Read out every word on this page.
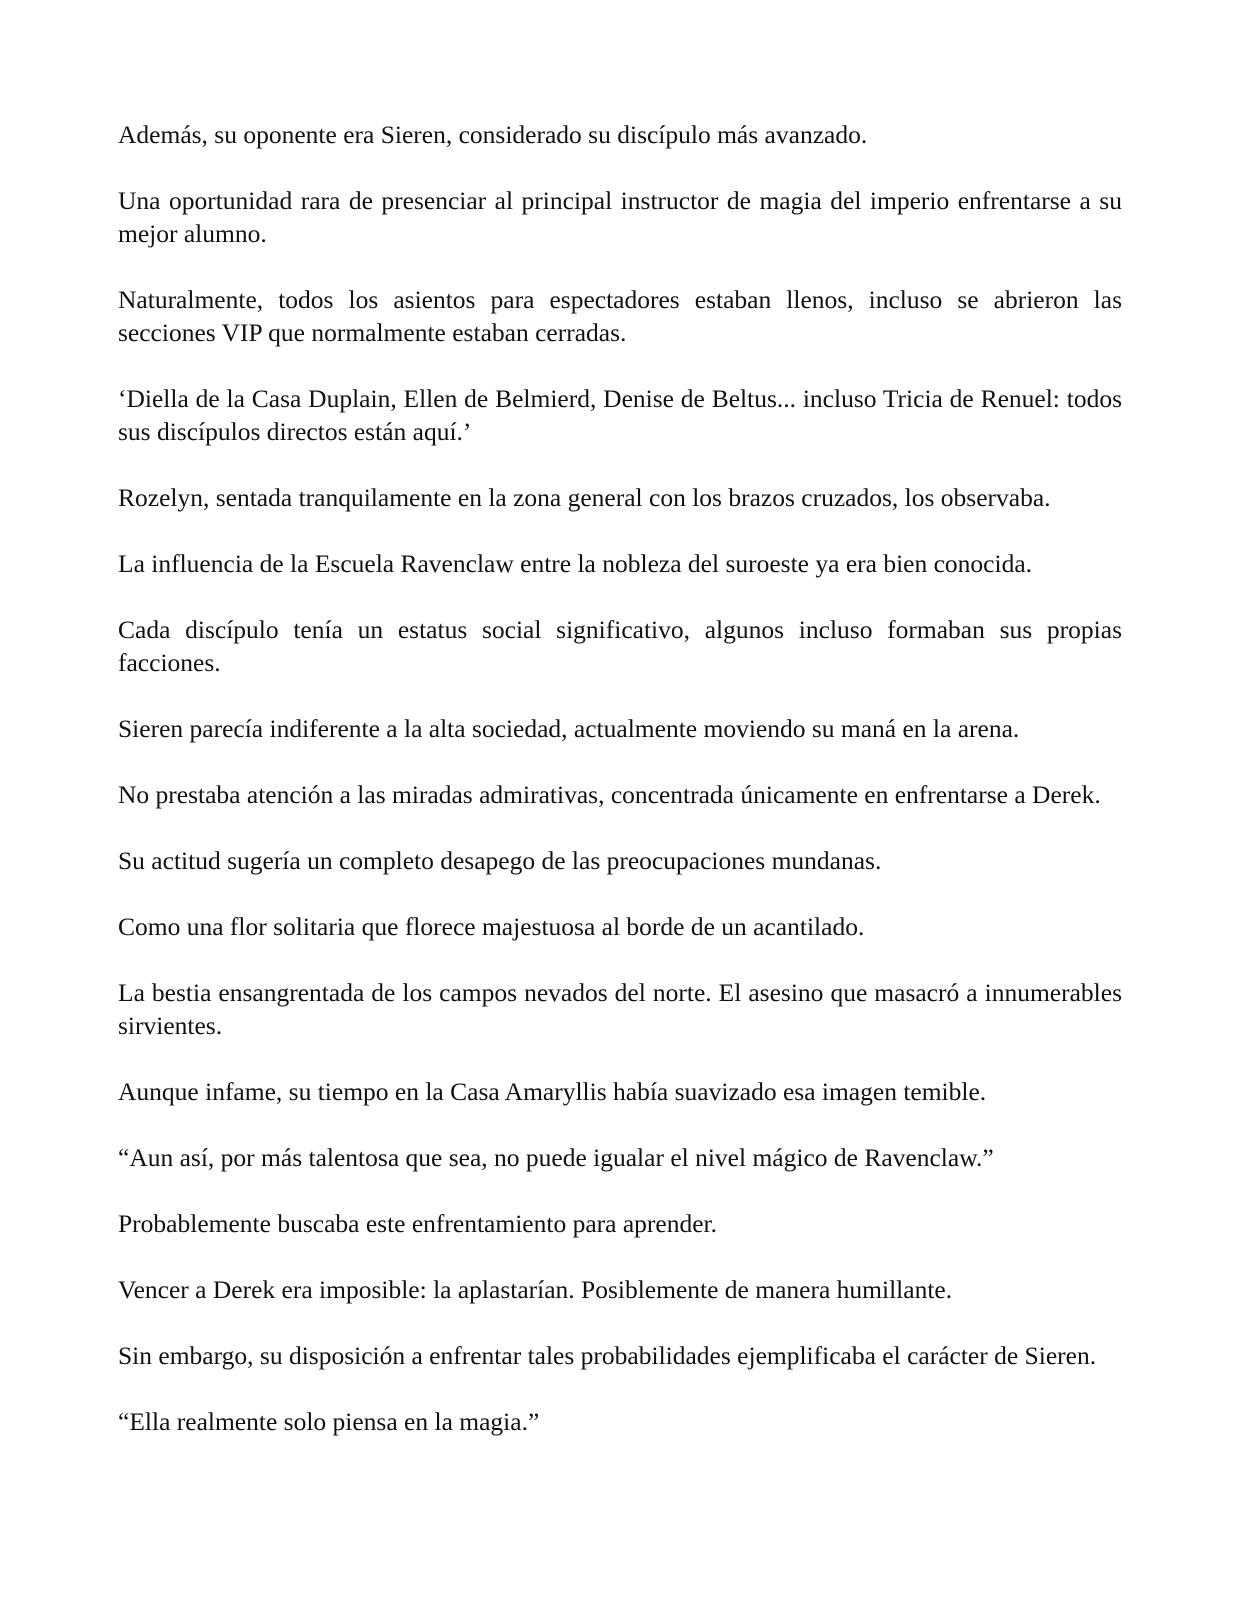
Además, su oponente era Sieren, considerado su discípulo más avanzado.

Una oportunidad rara de presenciar al principal instructor de magia del imperio enfrentarse a su mejor alumno.

Naturalmente, todos los asientos para espectadores estaban llenos, incluso se abrieron las secciones VIP que normalmente estaban cerradas.

‘Diella de la Casa Duplain, Ellen de Belmierd, Denise de Beltus... incluso Tricia de Renuel: todos sus discípulos directos están aquí.’

Rozelyn, sentada tranquilamente en la zona general con los brazos cruzados, los observaba.

La influencia de la Escuela Ravenclaw entre la nobleza del suroeste ya era bien conocida.

Cada discípulo tenía un estatus social significativo, algunos incluso formaban sus propias facciones.

Sieren parecía indiferente a la alta sociedad, actualmente moviendo su maná en la arena.

No prestaba atención a las miradas admirativas, concentrada únicamente en enfrentarse a Derek.

Su actitud sugería un completo desapego de las preocupaciones mundanas.

Como una flor solitaria que florece majestuosa al borde de un acantilado.

La bestia ensangrentada de los campos nevados del norte. El asesino que masacró a innumerables sirvientes.

Aunque infame, su tiempo en la Casa Amaryllis había suavizado esa imagen temible.

“Aun así, por más talentosa que sea, no puede igualar el nivel mágico de Ravenclaw.”

Probablemente buscaba este enfrentamiento para aprender.

Vencer a Derek era imposible: la aplastarían. Posiblemente de manera humillante.

Sin embargo, su disposición a enfrentar tales probabilidades ejemplificaba el carácter de Sieren.

“Ella realmente solo piensa en la magia.”
